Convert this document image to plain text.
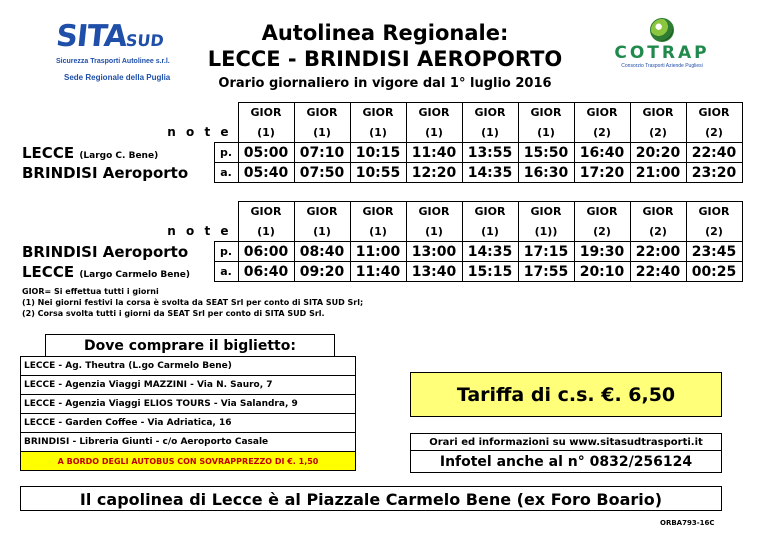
SITASUD
Sicurezza Trasporti Autolinee s.r.l.
Sede Regionale della Puglia
Autolinea Regionale:
LECCE - BRINDISI AEROPORTO
Orario giornaliero in vigore dal 1° luglio 2016
COTRAP
Consorzio Trasporti Aziende Pugliesi
		GIOR	GIOR	GIOR	GIOR	GIOR	GIOR	GIOR	GIOR	GIOR
n o t e		(1)	(1)	(1)	(1)	(1)	(1)	(2)	(2)	(2)
LECCE (Largo C. Bene)	p.	05:00	07:10	10:15	11:40	13:55	15:50	16:40	20:20	22:40
BRINDISI Aeroporto	a.	05:40	07:50	10:55	12:20	14:35	16:30	17:20	21:00	23:20
		GIOR	GIOR	GIOR	GIOR	GIOR	GIOR	GIOR	GIOR	GIOR
n o t e		(1)	(1)	(1)	(1)	(1)	(1))	(2)	(2)	(2)
BRINDISI Aeroporto	p.	06:00	08:40	11:00	13:00	14:35	17:15	19:30	22:00	23:45
LECCE (Largo Carmelo Bene)	a.	06:40	09:20	11:40	13:40	15:15	17:55	20:10	22:40	00:25
GIOR= Si effettua tutti i giorni
(1) Nei giorni festivi la corsa è svolta da SEAT Srl per conto di SITA SUD Srl;
(2) Corsa svolta tutti i giorni da SEAT Srl per conto di SITA SUD Srl.
LECCE - Ag. Theutra (L.go Carmelo Bene)
LECCE - Agenzia Viaggi MAZZINI - Via N. Sauro, 7
LECCE - Agenzia Viaggi ELIOS TOURS - Via Salandra, 9
LECCE - Garden Coffee - Via Adriatica, 16
BRINDISI - Libreria Giunti - c/o Aeroporto Casale
A BORDO DEGLI AUTOBUS CON SOVRAPPREZZO DI €. 1,50
Dove comprare il biglietto:
Tariffa di c.s. €. 6,50
Orari ed informazioni su www.sitasudtrasporti.it
Infotel anche al n° 0832/256124
Il capolinea di Lecce è al Piazzale Carmelo Bene (ex Foro Boario)
ORBA793-16C
